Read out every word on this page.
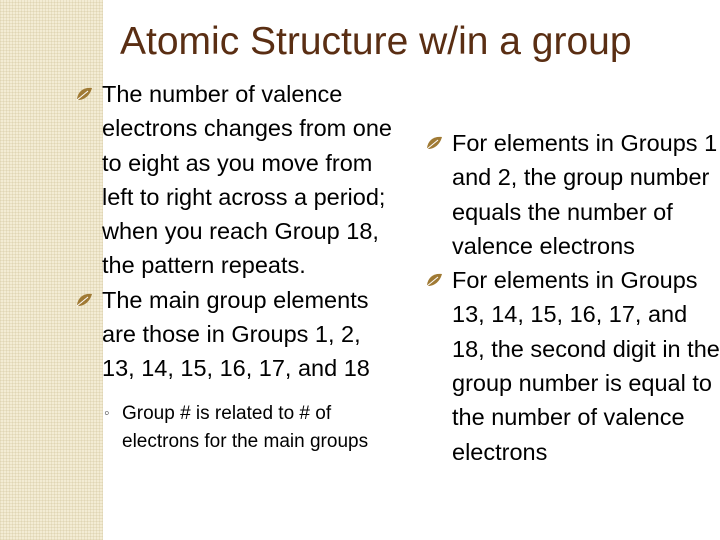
Atomic Structure w/in a group
The number of valence electrons changes from one to eight as you move from left to right across a period; when you reach Group 18, the pattern repeats.
The main group elements are those in Groups 1, 2, 13, 14, 15, 16, 17, and 18
◦ Group # is related to # of electrons for the main groups
For elements in Groups 1 and 2, the group number equals the number of valence electrons
For elements in Groups 13, 14, 15, 16, 17, and 18, the second digit in the group number is equal to the number of valence electrons
